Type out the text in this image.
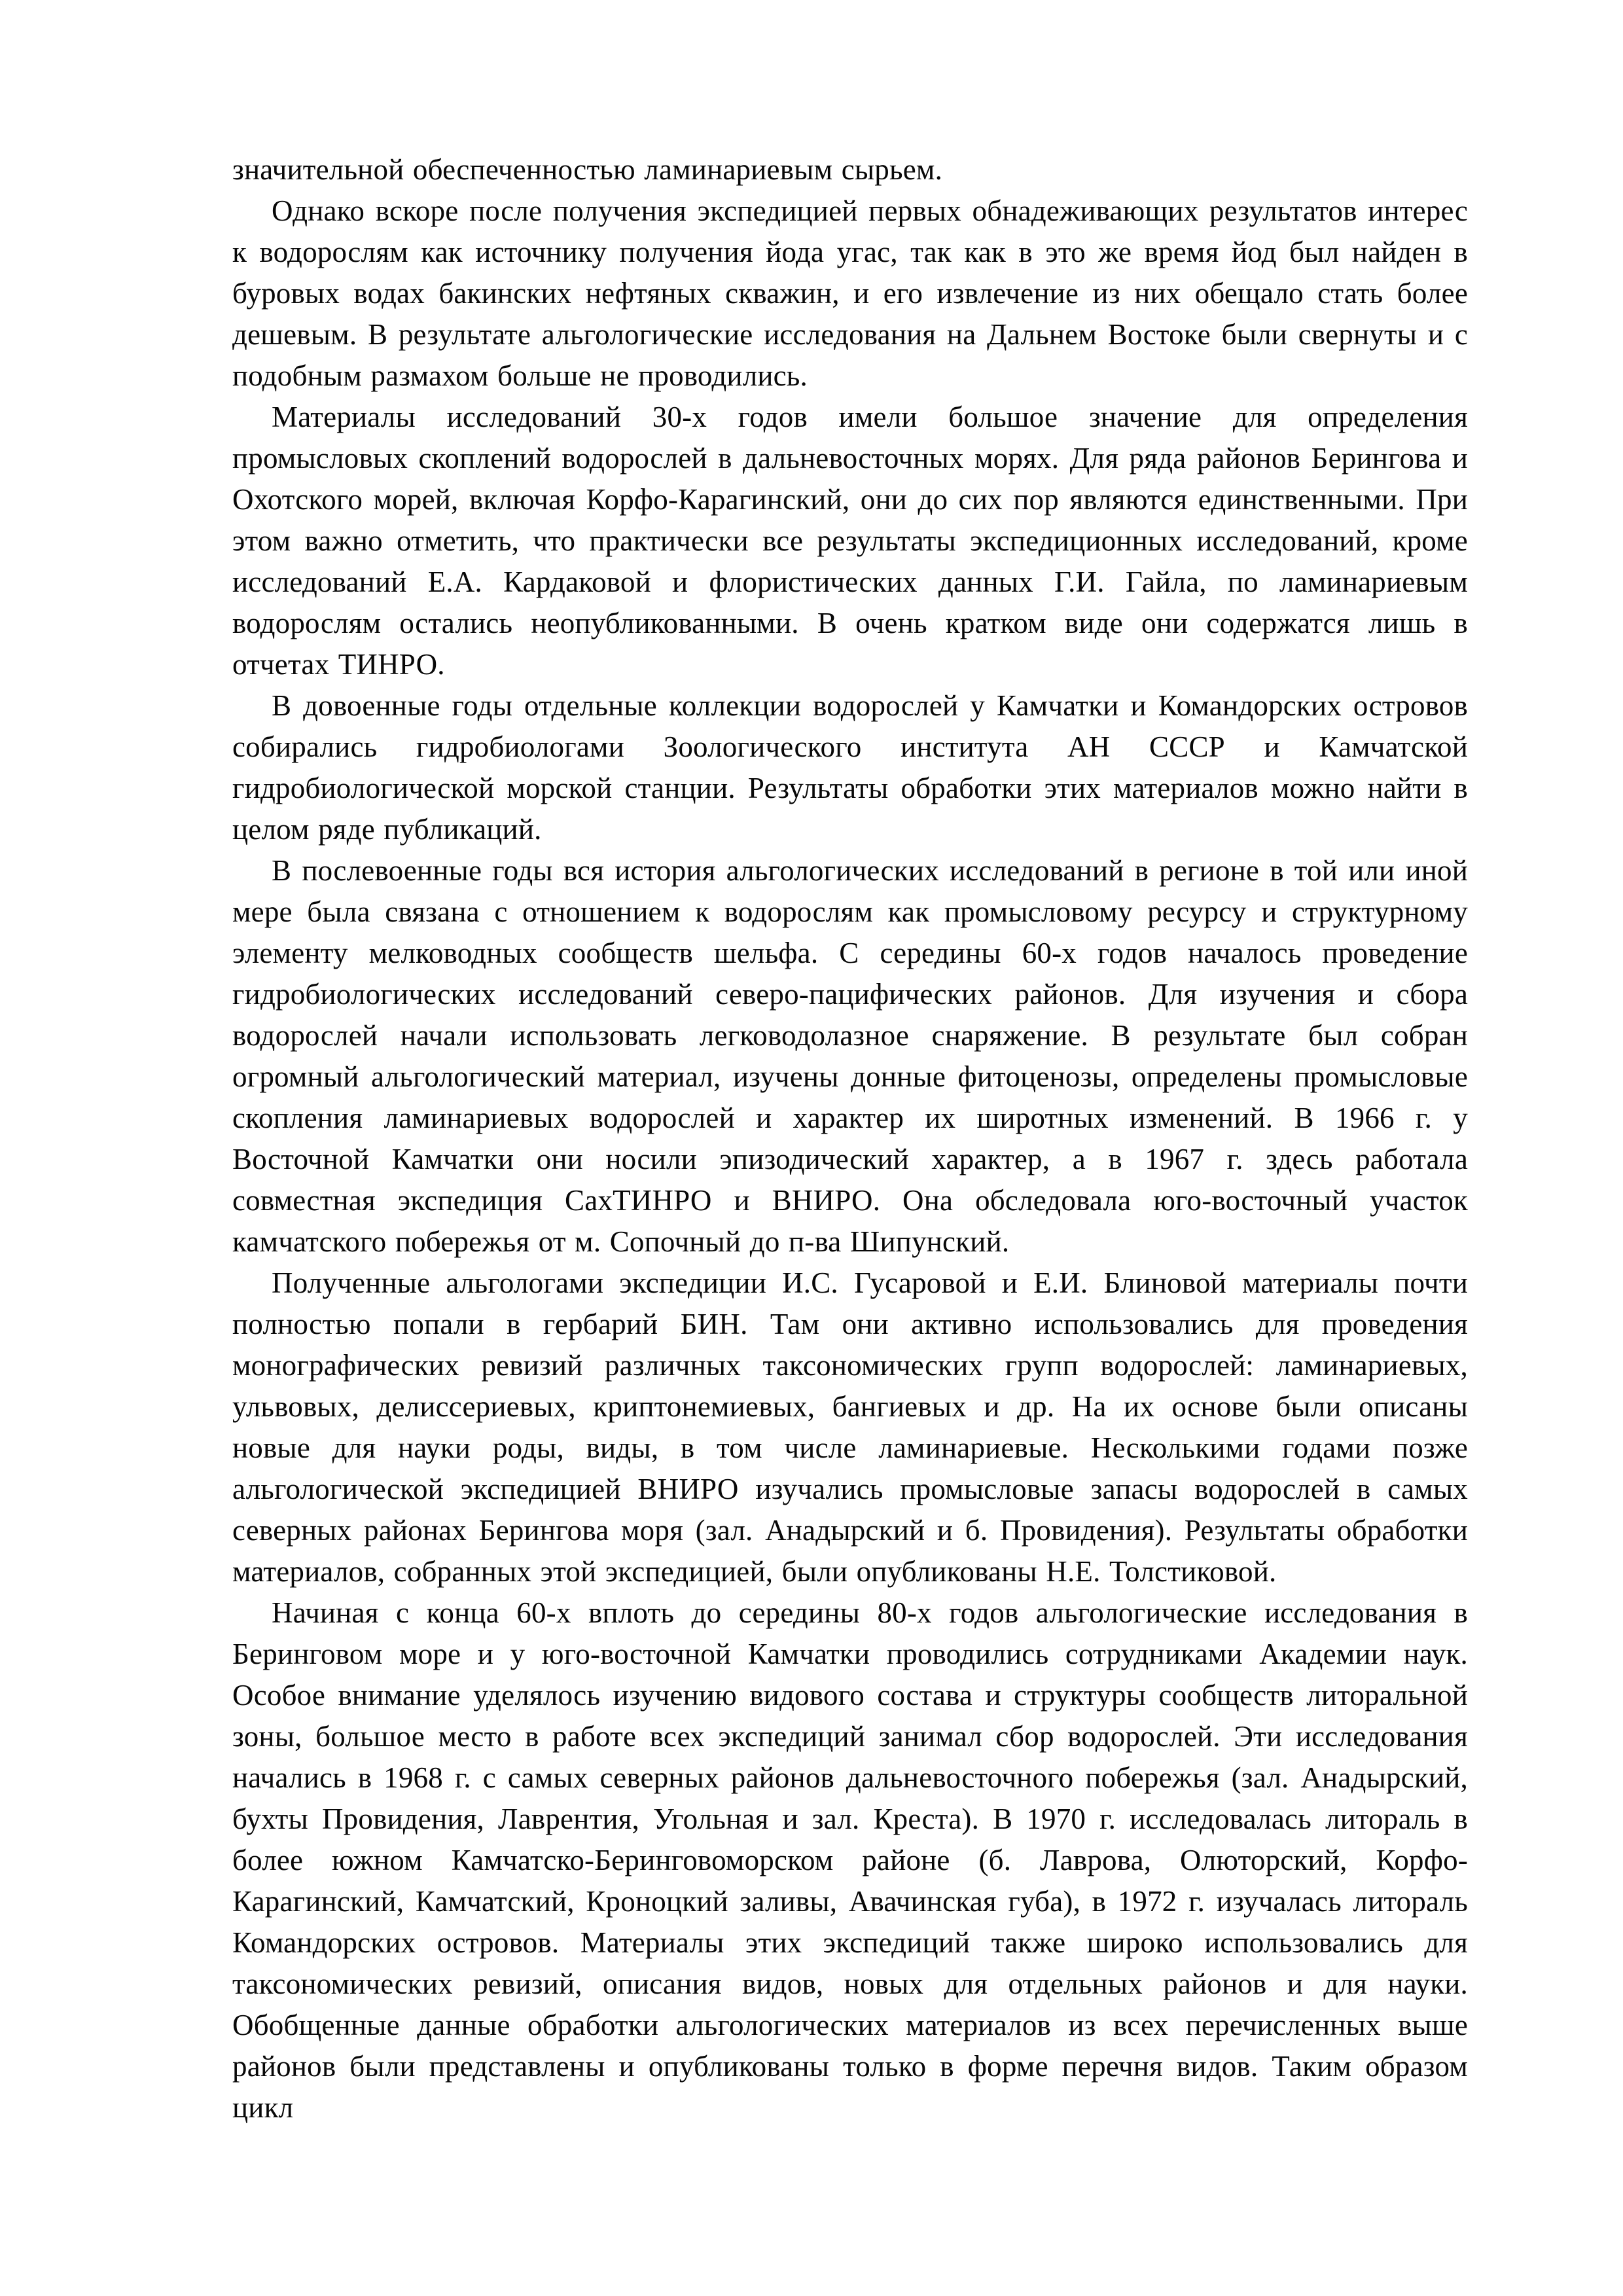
значительной обеспеченностью ламинариевым сырьем.

Однако вскоре после получения экспедицией первых обнадеживающих результатов интерес к водорослям как источнику получения йода угас, так как в это же время йод был найден в буровых водах бакинских нефтяных скважин, и его извлечение из них обещало стать более дешевым. В результате альгологические исследования на Дальнем Востоке были свернуты и с подобным размахом больше не проводились.

Материалы исследований 30-х годов имели большое значение для определения промысловых скоплений водорослей в дальневосточных морях. Для ряда районов Берингова и Охотского морей, включая Корфо-Карагинский, они до сих пор являются единственными. При этом важно отметить, что практически все результаты экспедиционных исследований, кроме исследований Е.А. Кардаковой и флористических данных Г.И. Гайла, по ламинариевым водорослям остались неопубликованными. В очень кратком виде они содержатся лишь в отчетах ТИНРО.

В довоенные годы отдельные коллекции водорослей у Камчатки и Командорских островов собирались гидробиологами Зоологического института АН СССР и Камчатской гидробиологической морской станции. Результаты обработки этих материалов можно найти в целом ряде публикаций.

В послевоенные годы вся история альгологических исследований в регионе в той или иной мере была связана с отношением к водорослям как промысловому ресурсу и структурному элементу мелководных сообществ шельфа. С середины 60-х годов началось проведение гидробиологических исследований северо-пацифических районов. Для изучения и сбора водорослей начали использовать легководолазное снаряжение. В результате был собран огромный альгологический материал, изучены донные фитоценозы, определены промысловые скопления ламинариевых водорослей и характер их широтных изменений. В 1966 г. у Восточной Камчатки они носили эпизодический характер, а в 1967 г. здесь работала совместная экспедиция СахТИНРО и ВНИРО. Она обследовала юго-восточный участок камчатского побережья от м. Сопочный до п-ва Шипунский.

Полученные альгологами экспедиции И.С. Гусаровой и Е.И. Блиновой материалы почти полностью попали в гербарий БИН. Там они активно использовались для проведения монографических ревизий различных таксономических групп водорослей: ламинариевых, ульвовых, делиссериевых, криптонемиевых, бангиевых и др. На их основе были описаны новые для науки роды, виды, в том числе ламинариевые. Несколькими годами позже альгологической экспедицией ВНИРО изучались промысловые запасы водорослей в самых северных районах Берингова моря (зал. Анадырский и б. Провидения). Результаты обработки материалов, собранных этой экспедицией, были опубликованы Н.Е. Толстиковой.

Начиная с конца 60-х вплоть до середины 80-х годов альгологические исследования в Беринговом море и у юго-восточной Камчатки проводились сотрудниками Академии наук. Особое внимание уделялось изучению видового состава и структуры сообществ литоральной зоны, большое место в работе всех экспедиций занимал сбор водорослей. Эти исследования начались в 1968 г. с самых северных районов дальневосточного побережья (зал. Анадырский, бухты Провидения, Лаврентия, Угольная и зал. Креста). В 1970 г. исследовалась литораль в более южном Камчатско-Беринговоморском районе (б. Лаврова, Олюторский, Корфо-Карагинский, Камчатский, Кроноцкий заливы, Авачинская губа), в 1972 г. изучалась литораль Командорских островов. Материалы этих экспедиций также широко использовались для таксономических ревизий, описания видов, новых для отдельных районов и для науки. Обобщенные данные обработки альгологических материалов из всех перечисленных выше районов были представлены и опубликованы только в форме перечня видов. Таким образом цикл
